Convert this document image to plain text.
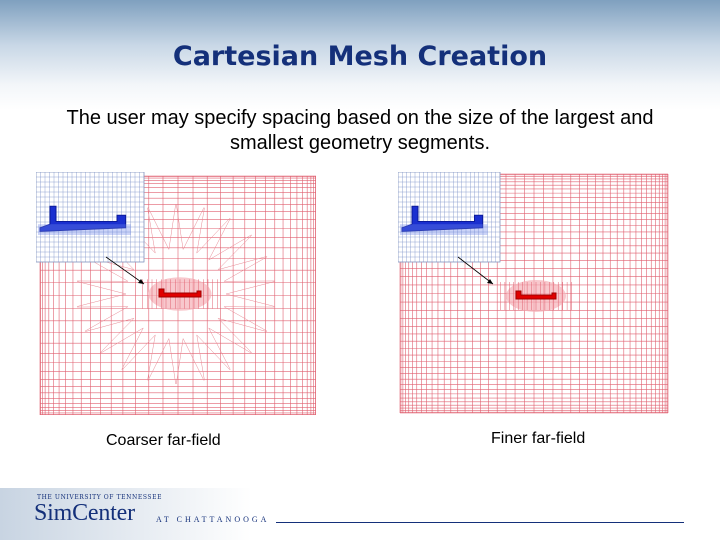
Cartesian Mesh Creation
The user may specify spacing based on the size of the largest and smallest geometry segments.
Coarser far-field	Finer far-field
THE UNIVERSITY OF TENNESSEE
SimCenter	AT CHATTANOOGA
